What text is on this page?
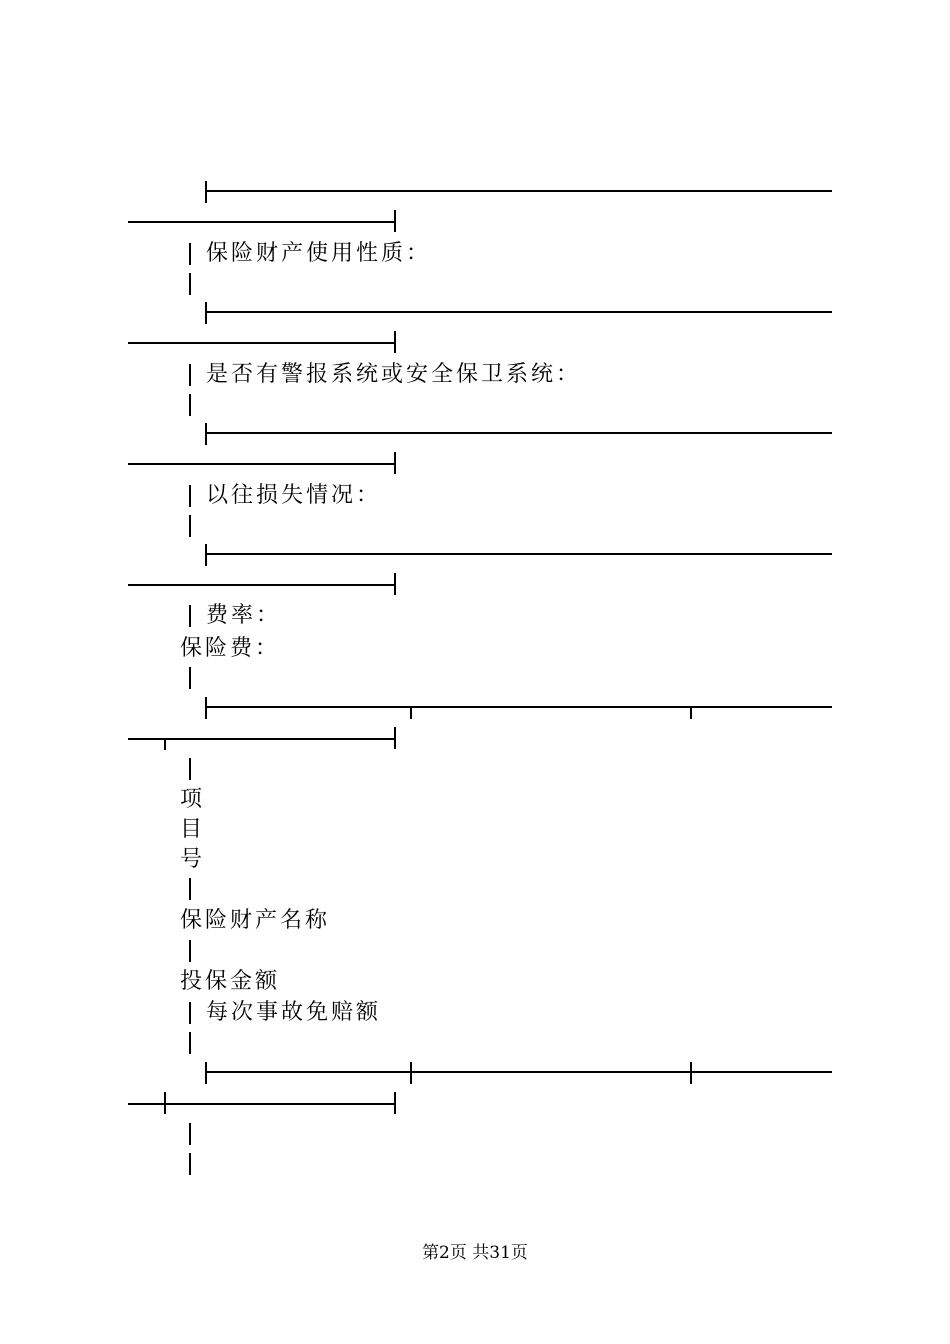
保险财产使用性质：
是否有警报系统或安全保卫系统：
以往损失情况：
费率：
保险费：
项
目
号
保险财产名称
投保金额
每次事故免赔额
第2页 共31页
